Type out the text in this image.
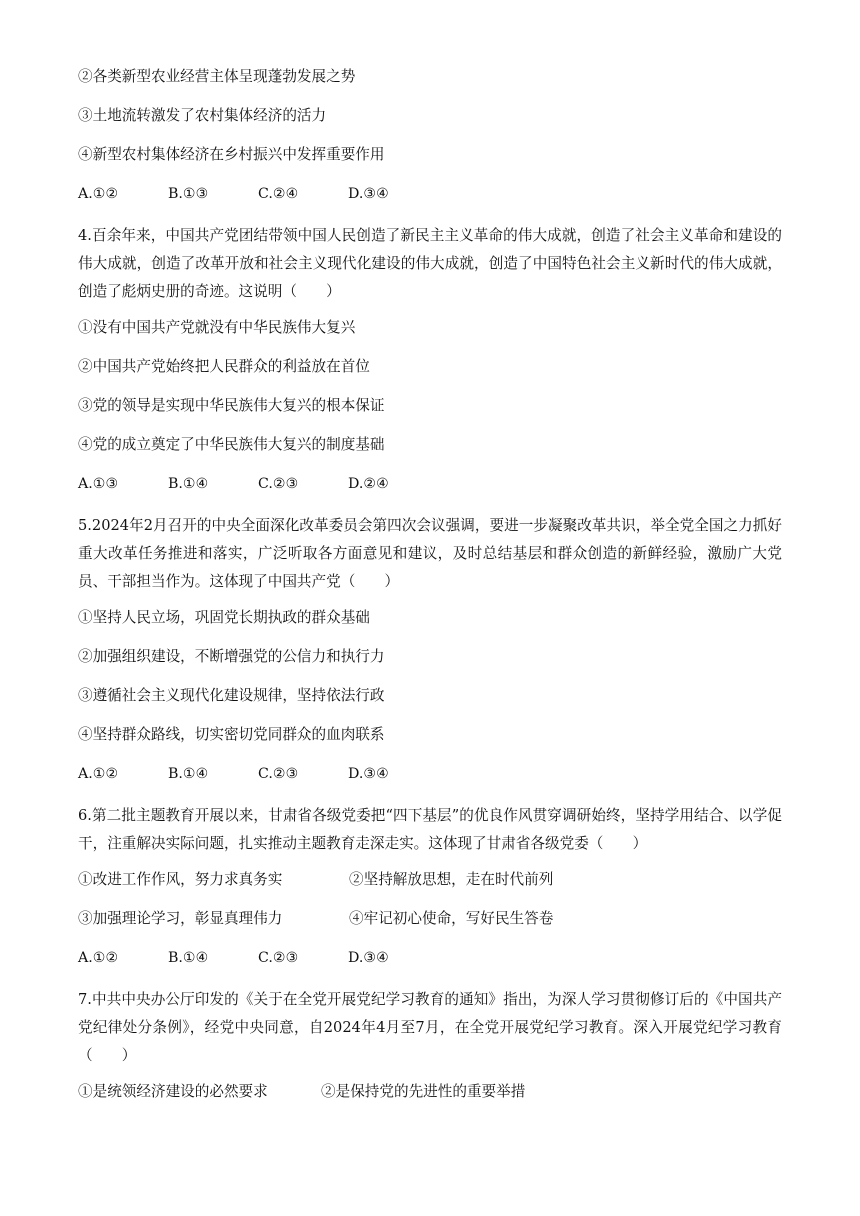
②各类新型农业经营主体呈现蓬勃发展之势
③土地流转激发了农村集体经济的活力
④新型农村集体经济在乡村振兴中发挥重要作用
A.①②	B.①③	C.②④	D.③④

4.百余年来，中国共产党团结带领中国人民创造了新民主主义革命的伟大成就，创造了社会主义革命和建设的伟大成就，创造了改革开放和社会主义现代化建设的伟大成就，创造了中国特色社会主义新时代的伟大成就，创造了彪炳史册的奇迹。这说明（　　）

①没有中国共产党就没有中华民族伟大复兴
②中国共产党始终把人民群众的利益放在首位
③党的领导是实现中华民族伟大复兴的根本保证
④党的成立奠定了中华民族伟大复兴的制度基础
A.①③	B.①④	C.②③	D.②④

5.2024年2月召开的中央全面深化改革委员会第四次会议强调，要进一步凝聚改革共识，举全党全国之力抓好重大改革任务推进和落实，广泛听取各方面意见和建议，及时总结基层和群众创造的新鲜经验，激励广大党员、干部担当作为。这体现了中国共产党（　　）

①坚持人民立场，巩固党长期执政的群众基础
②加强组织建设，不断增强党的公信力和执行力
③遵循社会主义现代化建设规律，坚持依法行政
④坚持群众路线，切实密切党同群众的血肉联系
A.①②	B.①④	C.②③	D.③④

6.第二批主题教育开展以来，甘肃省各级党委把“四下基层”的优良作风贯穿调研始终，坚持学用结合、以学促干，注重解决实际问题，扎实推动主题教育走深走实。这体现了甘肃省各级党委（　　）

①改进工作作风，努力求真务实	②坚持解放思想，走在时代前列
③加强理论学习，彰显真理伟力	④牢记初心使命，写好民生答卷
A.①②	B.①④	C.②③	D.③④

7.中共中央办公厅印发的《关于在全党开展党纪学习教育的通知》指出，为深人学习贯彻修订后的《中国共产党纪律处分条例》，经党中央同意，自2024年4月至7月，在全党开展党纪学习教育。深入开展党纪学习教育（　　）

①是统领经济建设的必然要求	②是保持党的先进性的重要举措
